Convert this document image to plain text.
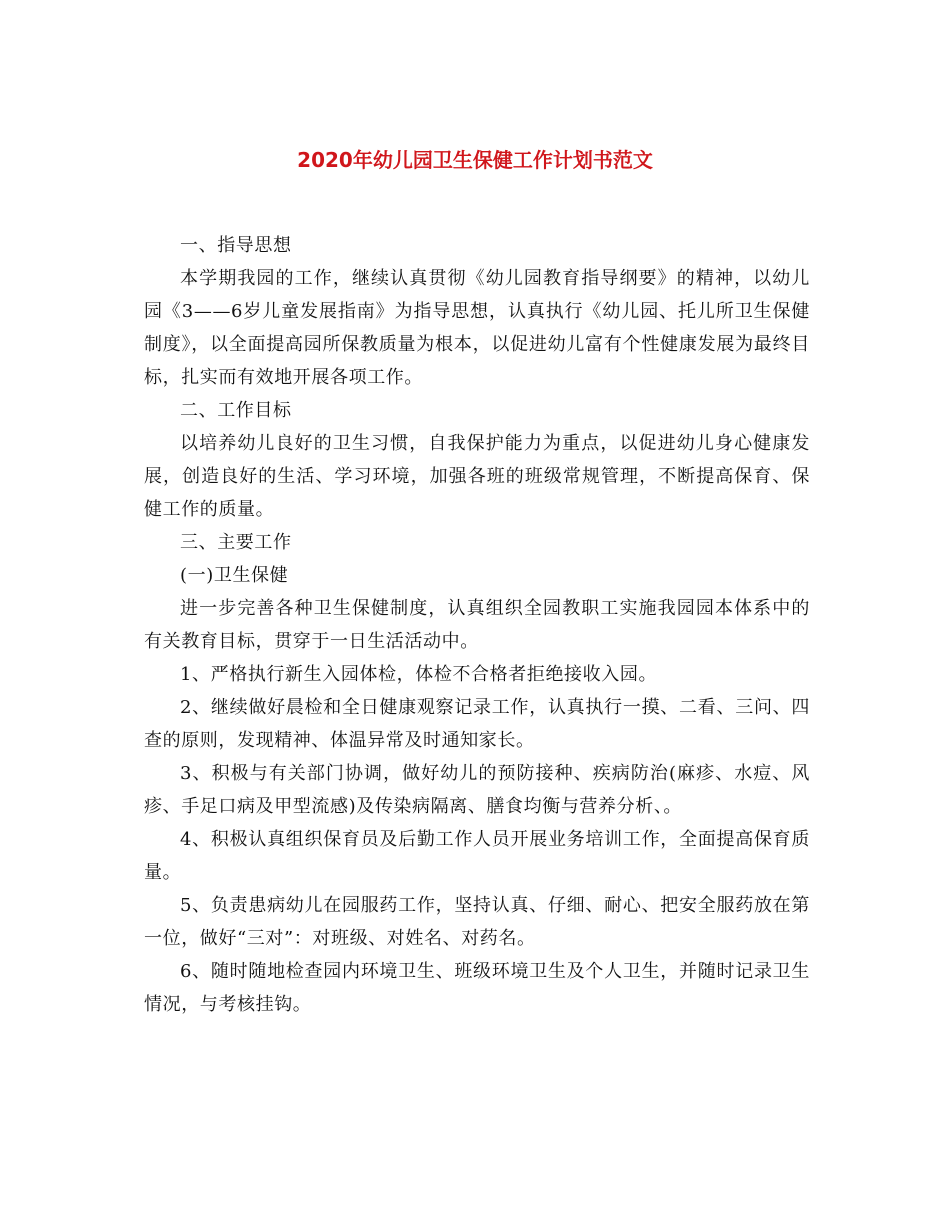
2020年幼儿园卫生保健工作计划书范文

一、指导思想

本学期我园的工作，继续认真贯彻《幼儿园教育指导纲要》的精神，以幼儿园《3——6岁儿童发展指南》为指导思想，认真执行《幼儿园、托儿所卫生保健制度》，以全面提高园所保教质量为根本，以促进幼儿富有个性健康发展为最终目标，扎实而有效地开展各项工作。

二、工作目标

以培养幼儿良好的卫生习惯，自我保护能力为重点，以促进幼儿身心健康发展，创造良好的生活、学习环境，加强各班的班级常规管理，不断提高保育、保健工作的质量。

三、主要工作

(一)卫生保健

进一步完善各种卫生保健制度，认真组织全园教职工实施我园园本体系中的有关教育目标，贯穿于一日生活活动中。

1、严格执行新生入园体检，体检不合格者拒绝接收入园。

2、继续做好晨检和全日健康观察记录工作，认真执行一摸、二看、三问、四查的原则，发现精神、体温异常及时通知家长。

3、积极与有关部门协调，做好幼儿的预防接种、疾病防治(麻疹、水痘、风疹、手足口病及甲型流感)及传染病隔离、膳食均衡与营养分析、。

4、积极认真组织保育员及后勤工作人员开展业务培训工作，全面提高保育质量。

5、负责患病幼儿在园服药工作，坚持认真、仔细、耐心、把安全服药放在第一位，做好“三对”：对班级、对姓名、对药名。

6、随时随地检查园内环境卫生、班级环境卫生及个人卫生，并随时记录卫生情况，与考核挂钩。
